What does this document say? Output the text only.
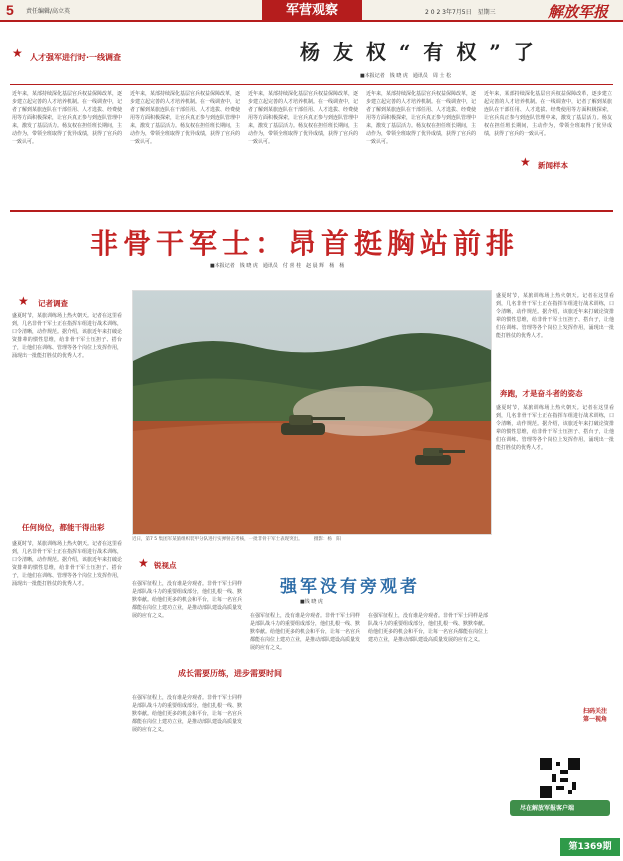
5 责任编辑/高立英	军营观察	2 0 2 3年7月5日　星期三	解放军报
★ 人才强军进行时·一线调查	杨 友 权 “ 有 权 ” 了
■本报记者　钱 晓 虎　通讯员　周 士 松
近年来，某部持续深化基层官兵权益保障改革，逐步建立起完善的人才培养机制。在一线调查中，记者了解到某旅连队在干部任用、人才选拔、经费使用等方面积极探索，让官兵真正参与到连队管理中来，激发了基层活力。杨友权在担任班长期间，主动作为，带领全班取得了优异成绩，获得了官兵的一致认可。
近年来，某部持续深化基层官兵权益保障改革，逐步建立起完善的人才培养机制。在一线调查中，记者了解到某旅连队在干部任用、人才选拔、经费使用等方面积极探索，让官兵真正参与到连队管理中来，激发了基层活力。杨友权在担任班长期间，主动作为，带领全班取得了优异成绩，获得了官兵的一致认可。
近年来，某部持续深化基层官兵权益保障改革，逐步建立起完善的人才培养机制。在一线调查中，记者了解到某旅连队在干部任用、人才选拔、经费使用等方面积极探索，让官兵真正参与到连队管理中来，激发了基层活力。杨友权在担任班长期间，主动作为，带领全班取得了优异成绩，获得了官兵的一致认可。
近年来，某部持续深化基层官兵权益保障改革，逐步建立起完善的人才培养机制。在一线调查中，记者了解到某旅连队在干部任用、人才选拔、经费使用等方面积极探索，让官兵真正参与到连队管理中来，激发了基层活力。杨友权在担任班长期间，主动作为，带领全班取得了优异成绩，获得了官兵的一致认可。
近年来，某部持续深化基层官兵权益保障改革，逐步建立起完善的人才培养机制。在一线调查中，记者了解到某旅连队在干部任用、人才选拔、经费使用等方面积极探索，让官兵真正参与到连队管理中来，激发了基层活力。杨友权在担任班长期间，主动作为，带领全班取得了优异成绩，获得了官兵的一致认可。
★ 新闻样本
非骨干军士：昂首挺胸站前排
■本报记者　钱 晓 虎　通讯员　付 喜 桂　赵 晨 辉　杨　杨
★ 记者调查
盛夏时节，某旅训练场上热火朝天。记者在这里看到，几名非骨干军士正在指挥车组进行战术训练，口令清晰，动作规范。据介绍，该旅近年来打破论资排辈的惯性思维，给非骨干军士压担子、搭台子，让他们在训练、管理等各个岗位上发挥作用，涌现出一批能打胜仗的优秀人才。
任何岗位，都能干得出彩
盛夏时节，某旅训练场上热火朝天。记者在这里看到，几名非骨干军士正在指挥车组进行战术训练，口令清晰，动作规范。据介绍，该旅近年来打破论资排辈的惯性思维，给非骨干军士压担子、搭台子，让他们在训练、管理等各个岗位上发挥作用，涌现出一批能打胜仗的优秀人才。
近日，第7 5 集团军某旅组织装甲分队进行实弹射击考核，一批非骨干军士表现突出。　　　摄影：杨　阳
盛夏时节，某旅训练场上热火朝天。记者在这里看到，几名非骨干军士正在指挥车组进行战术训练，口令清晰，动作规范。据介绍，该旅近年来打破论资排辈的惯性思维，给非骨干军士压担子、搭台子，让他们在训练、管理等各个岗位上发挥作用，涌现出一批能打胜仗的优秀人才。
奔跑，才是奋斗者的姿态
盛夏时节，某旅训练场上热火朝天。记者在这里看到，几名非骨干军士正在指挥车组进行战术训练，口令清晰，动作规范。据介绍，该旅近年来打破论资排辈的惯性思维，给非骨干军士压担子、搭台子，让他们在训练、管理等各个岗位上发挥作用，涌现出一批能打胜仗的优秀人才。
★ 锐视点
强军没有旁观者
■钱 晓 虎
在强军征程上，没有谁是旁观者。非骨干军士同样是部队战斗力的重要组成部分，他们扎根一线、默默奉献。给他们更多的机会和平台，让每一名官兵都能在岗位上建功立业，是推动部队建设高质量发展的应有之义。	在强军征程上，没有谁是旁观者。非骨干军士同样是部队战斗力的重要组成部分，他们扎根一线、默默奉献。给他们更多的机会和平台，让每一名官兵都能在岗位上建功立业，是推动部队建设高质量发展的应有之义。
在强军征程上，没有谁是旁观者。非骨干军士同样是部队战斗力的重要组成部分，他们扎根一线、默默奉献。给他们更多的机会和平台，让每一名官兵都能在岗位上建功立业，是推动部队建设高质量发展的应有之义。
成长需要历练，进步需要时间
在强军征程上，没有谁是旁观者。非骨干军士同样是部队战斗力的重要组成部分，他们扎根一线、默默奉献。给他们更多的机会和平台，让每一名官兵都能在岗位上建功立业，是推动部队建设高质量发展的应有之义。
扫码关注 第一视角
尽在解放军报客户端
第1369期
